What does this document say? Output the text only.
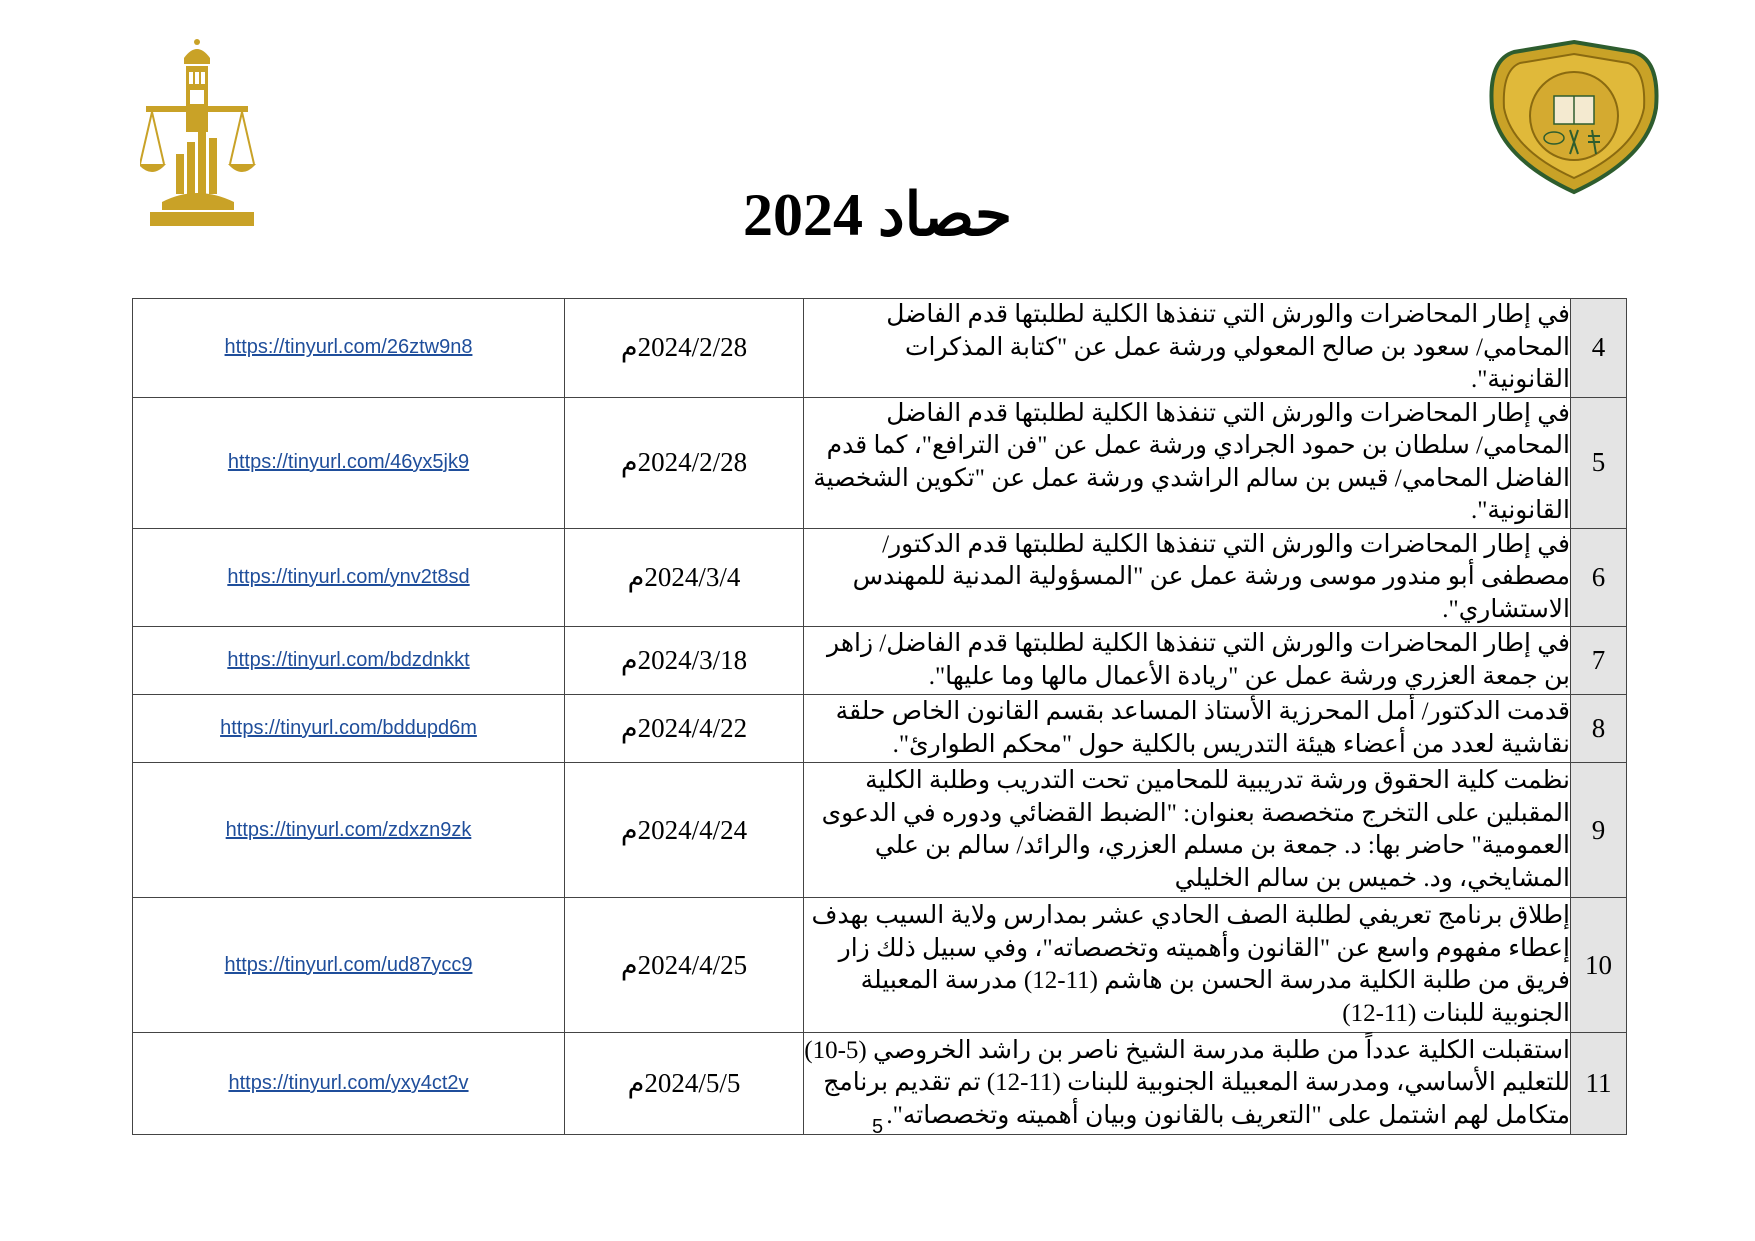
حصاد 2024
4	في إطار المحاضرات والورش التي تنفذها الكلية لطلبتها قدم الفاضل المحامي/ سعود بن صالح المعولي ورشة عمل عن "كتابة المذكرات القانونية".	2024/2/28م	https://tinyurl.com/26ztw9n8
5	في إطار المحاضرات والورش التي تنفذها الكلية لطلبتها قدم الفاضل المحامي/ سلطان بن حمود الجرادي ورشة عمل عن "فن الترافع"، كما قدم الفاضل المحامي/ قيس بن سالم الراشدي ورشة عمل عن "تكوين الشخصية القانونية".	2024/2/28م	https://tinyurl.com/46yx5jk9
6	في إطار المحاضرات والورش التي تنفذها الكلية لطلبتها قدم الدكتور/ مصطفى أبو مندور موسى ورشة عمل عن "المسؤولية المدنية للمهندس الاستشاري".	2024/3/4م	https://tinyurl.com/ynv2t8sd
7	في إطار المحاضرات والورش التي تنفذها الكلية لطلبتها قدم الفاضل/ زاهر بن جمعة العزري ورشة عمل عن "ريادة الأعمال مالها وما عليها".	2024/3/18م	https://tinyurl.com/bdzdnkkt
8	قدمت الدكتور/ أمل المحرزية الأستاذ المساعد بقسم القانون الخاص حلقة نقاشية لعدد من أعضاء هيئة التدريس بالكلية حول "محكم الطوارئ".	2024/4/22م	https://tinyurl.com/bddupd6m
9	نظمت كلية الحقوق ورشة تدريبية للمحامين تحت التدريب وطلبة الكلية المقبلين على التخرج متخصصة بعنوان: "الضبط القضائي ودوره في الدعوى العمومية" حاضر بها: د. جمعة بن مسلم العزري، والرائد/ سالم بن علي المشايخي، ود. خميس بن سالم الخليلي	2024/4/24م	https://tinyurl.com/zdxzn9zk
10	إطلاق برنامج تعريفي لطلبة الصف الحادي عشر بمدارس ولاية السيب بهدف إعطاء مفهوم واسع عن "القانون وأهميته وتخصصاته"، وفي سبيل ذلك زار فريق من طلبة الكلية مدرسة الحسن بن هاشم (11-12) مدرسة المعبيلة الجنوبية للبنات (11-12)	2024/4/25م	https://tinyurl.com/ud87ycc9
11	استقبلت الكلية عدداً من طلبة مدرسة الشيخ ناصر بن راشد الخروصي (5-10) للتعليم الأساسي، ومدرسة المعبيلة الجنوبية للبنات (11-12) تم تقديم برنامج متكامل لهم اشتمل على "التعريف بالقانون وبيان أهميته وتخصصاته".	2024/5/5م	https://tinyurl.com/yxy4ct2v
5
